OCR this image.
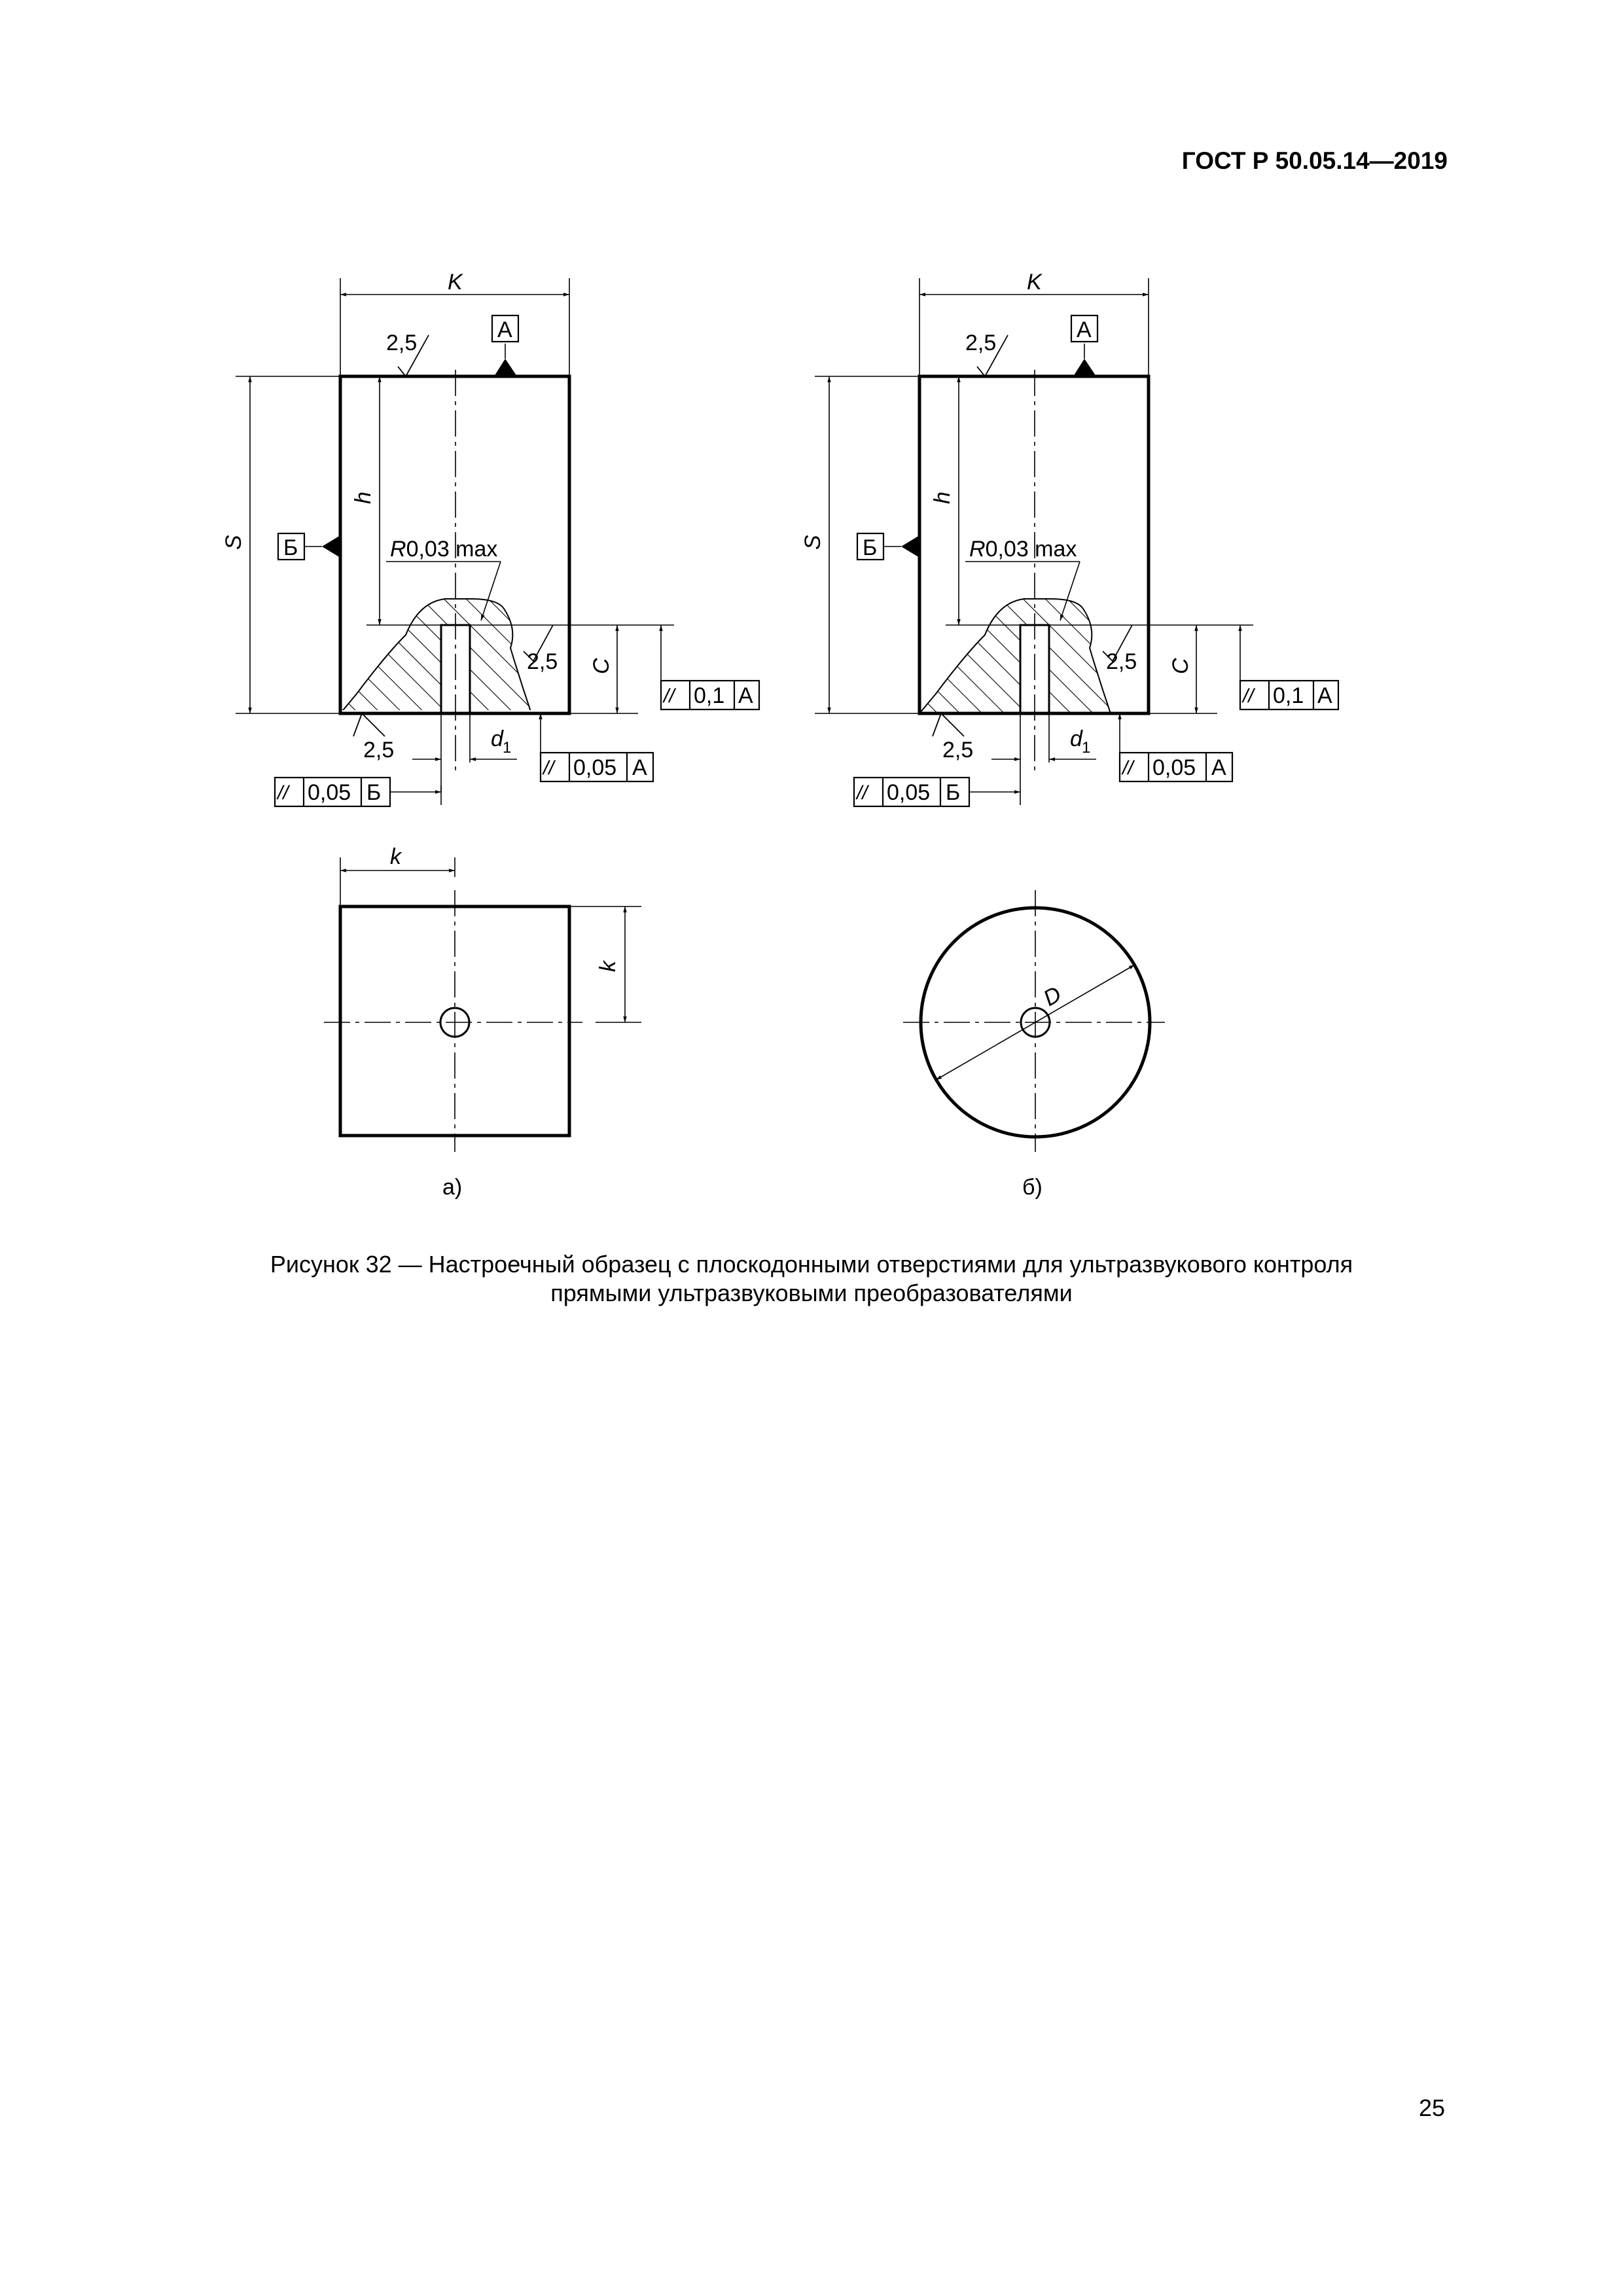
ГОСТ Р 50.05.14—2019
K
S
h
C
d 1
2,5
2,5
2,5
R0,03 max
А
Б
// 0,1 А
// 0,05 А
// 0,05 Б
K
S
h
C
d 1
2,5
2,5
2,5
R0,03 max
А
Б
// 0,1 А
// 0,05 А
// 0,05 Б
k
k
а)
D
б)
Рисунок 32 — Настроечный образец с плоскодонными отверстиями для ультразвукового контроля
прямыми ультразвуковыми преобразователями
25
